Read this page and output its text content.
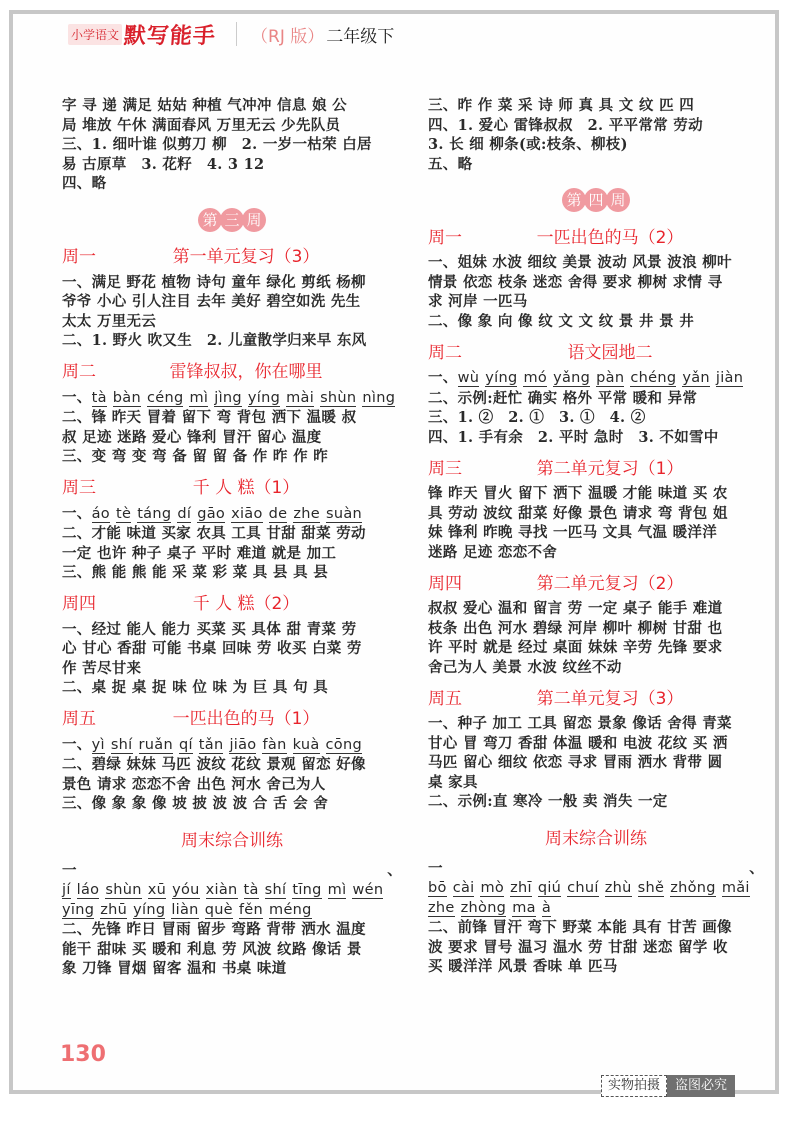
小学语文 默写能手 （RJ 版） 二年级下
字 寻 递 满足 姑姑 种植 气冲冲 信息 娘 公
局 堆放 午休 满面春风 万里无云 少先队员
三、1. 细叶谁 似剪刀 柳　2. 一岁一枯荣 白居
易 古原草　3. 花籽　4. 3 12
四、略
第 三 周
周一	第一单元复习（3）
一、满足 野花 植物 诗句 童年 绿化 剪纸 杨柳
爷爷 小心 引人注目 去年 美好 碧空如洗 先生
太太 万里无云
二、1. 野火 吹又生　2. 儿童散学归来早 东风
周二	雷锋叔叔，你在哪里
一、tà bàn céng mì jìng yíng mài shùn nìng
二、锋 昨天 冒着 留下 弯 背包 洒下 温暖 叔
叔 足迹 迷路 爱心 锋利 冒汗 留心 温度
三、变 弯 变 弯 备 留 留 备 作 昨 作 昨
周三	千 人 糕（1）
一、áo tè táng dí gāo xiāo de zhe suàn
二、才能 味道 买家 农具 工具 甘甜 甜菜 劳动
一定 也许 种子 桌子 平时 难道 就是 加工
三、熊 能 熊 能 采 菜 彩 菜 具 县 具 县
周四	千 人 糕（2）
一、经过 能人 能力 买菜 买 具体 甜 青菜 劳
心 甘心 香甜 可能 书桌 回味 劳 收买 白菜 劳
作 苦尽甘来
二、桌 捉 桌 捉 味 位 味 为 巨 具 句 具
周五	一匹出色的马（1）
一、yì shí ruǎn qí tǎn jiāo fàn kuà cōng
二、碧绿 妹妹 马匹 波纹 花纹 景观 留恋 好像
景色 请求 恋恋不舍 出色 河水 舍己为人
三、像 象 象 像 坡 披 波 波 合 舌 会 舍
周末综合训练
一、jí láo shùn xū yóu xiàn tà shí tīng mì wén
yīng zhū yíng liàn què fěn méng
二、先锋 昨日 冒雨 留步 弯路 背带 洒水 温度
能干 甜味 买 暖和 利息 劳 风波 纹路 像话 景
象 刀锋 冒烟 留客 温和 书桌 味道
三、昨 作 菜 采 诗 师 真 具 文 纹 匹 四
四、1. 爱心 雷锋叔叔　2. 平平常常 劳动
3. 长 细 柳条(或:枝条、柳枝)
五、略
第 四 周
周一	一匹出色的马（2）
一、姐妹 水波 细纹 美景 波动 风景 波浪 柳叶
情景 依恋 枝条 迷恋 舍得 要求 柳树 求情 寻
求 河岸 一匹马
二、像 象 向 像 纹 文 文 纹 景 井 景 井
周二	语文园地二
一、wù yíng mó yǎng pàn chéng yǎn jiàn
二、示例:赶忙 确实 格外 平常 暖和 异常
三、1. ②　2. ①　3. ①　4. ②
四、1. 手有余　2. 平时 急时　3. 不如雪中
周三	第二单元复习（1）
锋 昨天 冒火 留下 洒下 温暖 才能 味道 买 农
具 劳动 波纹 甜菜 好像 景色 请求 弯 背包 姐
妹 锋利 昨晚 寻找 一匹马 文具 气温 暖洋洋
迷路 足迹 恋恋不舍
周四	第二单元复习（2）
叔叔 爱心 温和 留言 劳 一定 桌子 能手 难道
枝条 出色 河水 碧绿 河岸 柳叶 柳树 甘甜 也
许 平时 就是 经过 桌面 妹妹 辛劳 先锋 要求
舍己为人 美景 水波 纹丝不动
周五	第二单元复习（3）
一、种子 加工 工具 留恋 景象 像话 舍得 青菜
甘心 冒 弯刀 香甜 体温 暖和 电波 花纹 买 洒
马匹 留心 细纹 依恋 寻求 冒雨 洒水 背带 圆
桌 家具
二、示例:直 寒冷 一般 卖 消失 一定
周末综合训练
一、bō cài mò zhī qiú chuí zhù shě zhǒng mǎi
zhe zhòng ma à
二、前锋 冒汗 弯下 野菜 本能 具有 甘苦 画像
波 要求 冒号 温习 温水 劳 甘甜 迷恋 留学 收
买 暖洋洋 风景 香味 单 匹马
130
实物拍摄	盗图必究
